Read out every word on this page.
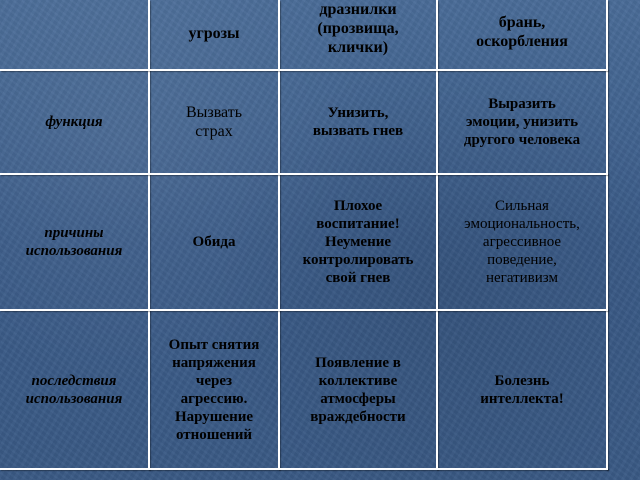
угрозы
дразнилки
(прозвища,
клички)
брань,
оскорбления
функция
Вызвать
страх
Унизить,
вызвать гнев
Выразить
эмоции, унизить
другого человека
причины
использования
Обида
Плохое
воспитание!
Неумение
контролировать
свой гнев
Сильная
эмоциональность,
агрессивное
поведение,
негативизм
последствия
использования
Опыт снятия
напряжения
через
агрессию.
Нарушение
отношений
Появление в
коллективе
атмосферы
враждебности
Болезнь
интеллекта!
